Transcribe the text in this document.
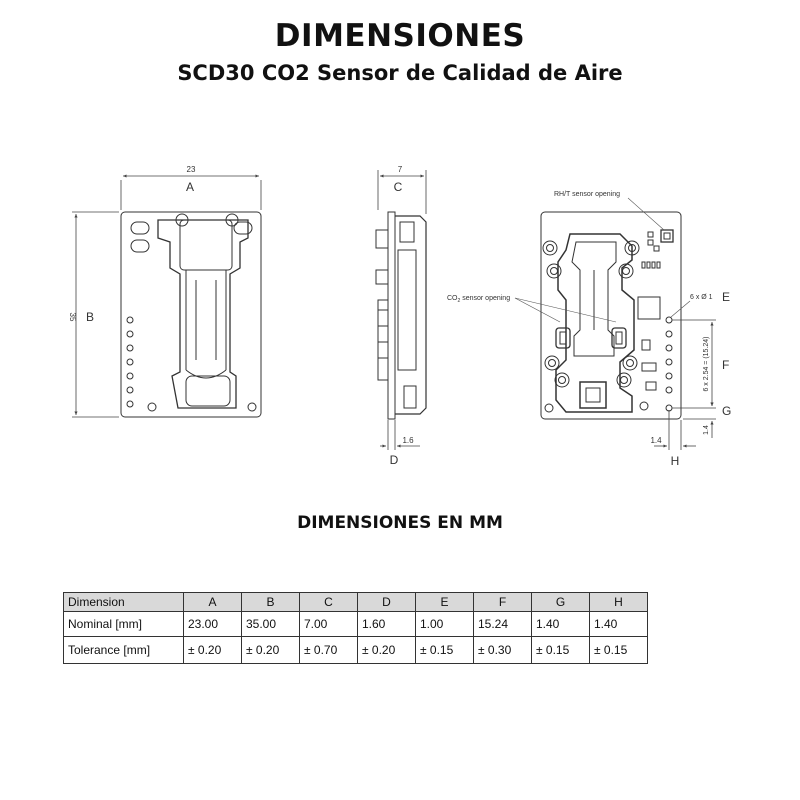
DIMENSIONES
SCD30 CO2 Sensor de Calidad de Aire
23
A
35 B
7
C
1.6
D
RH/T sensor opening
$CO_2$ sensor opening	6 x Ø 1 E
6 x 2.54 = (15.24) F
1.4
G
1.4
H
DIMENSIONES EN MM
Dimension	A	B	C	D	E	F	G	H
Nominal [mm]	23.00	35.00	7.00	1.60	1.00	15.24	1.40	1.40
Tolerance [mm]	± 0.20	± 0.20	± 0.70	± 0.20	± 0.15	± 0.30	± 0.15	± 0.15
